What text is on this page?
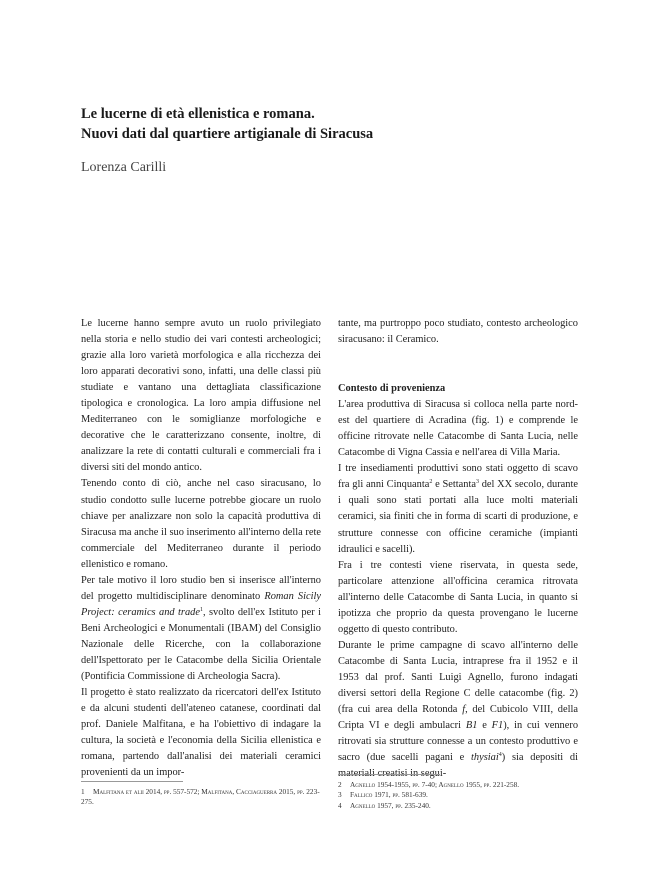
Le lucerne di età ellenistica e romana.
Nuovi dati dal quartiere artigianale di Siracusa
Lorenza Carilli

Le lucerne hanno sempre avuto un ruolo privilegiato nella storia e nello studio dei vari contesti archeologici; grazie alla loro varietà morfologica e alla ricchezza dei loro apparati decorativi sono, infatti, una delle classi più studiate e vantano una dettagliata classificazione tipologica e cronologica. La loro ampia diffusione nel Mediterraneo con le somiglianze morfologiche e decorative che le caratterizzano consente, inoltre, di analizzare la rete di contatti culturali e commerciali fra i diversi siti del mondo antico.

Tenendo conto di ciò, anche nel caso siracusano, lo studio condotto sulle lucerne potrebbe giocare un ruolo chiave per analizzare non solo la capacità produttiva di Siracusa ma anche il suo inserimento all'interno della rete commerciale del Mediterraneo durante il periodo ellenistico e romano.

Per tale motivo il loro studio ben si inserisce all'interno del progetto multidisciplinare denominato Roman Sicily Project: ceramics and trade$^1$, svolto dell'ex Istituto per i Beni Archeologici e Monumentali (IBAM) del Consiglio Nazionale delle Ricerche, con la collaborazione dell'Ispettorato per le Catacombe della Sicilia Orientale (Pontificia Commissione di Archeologia Sacra).

Il progetto è stato realizzato da ricercatori dell'ex Istituto e da alcuni studenti dell'ateneo catanese, coordinati dal prof. Daniele Malfitana, e ha l'obiettivo di indagare la cultura, la società e l'economia della Sicilia ellenistica e romana, partendo dall'analisi dei materiali ceramici provenienti da un impor-

tante, ma purtroppo poco studiato, contesto archeologico siracusano: il Ceramico.

Contesto di provenienza

L'area produttiva di Siracusa si colloca nella parte nord-est del quartiere di Acradina (fig. 1) e comprende le officine ritrovate nelle Catacombe di Santa Lucia, nelle Catacombe di Vigna Cassia e nell'area di Villa Maria.

I tre insediamenti produttivi sono stati oggetto di scavo fra gli anni Cinquanta$^2$ e Settanta$^3$ del XX secolo, durante i quali sono stati portati alla luce molti materiali ceramici, sia finiti che in forma di scarti di produzione, e strutture connesse con officine ceramiche (impianti idraulici e sacelli).

Fra i tre contesti viene riservata, in questa sede, particolare attenzione all'officina ceramica ritrovata all'interno delle Catacombe di Santa Lucia, in quanto si ipotizza che proprio da questa provengano le lucerne oggetto di questo contributo.

Durante le prime campagne di scavo all'interno delle Catacombe di Santa Lucia, intraprese fra il 1952 e il 1953 dal prof. Santi Luigi Agnello, furono indagati diversi settori della Regione C delle catacombe (fig. 2) (fra cui area della Rotonda f, del Cubicolo VIII, della Cripta VI e degli ambulacri B1 e F1), in cui vennero ritrovati sia strutture connesse a un contesto produttivo e sacro (due sacelli pagani e thysiai$^4$) sia depositi di materiali creatisi in segui-

1 Malfitana et alii 2014, pp. 557-572; Malfitana, Cacciaguerra 2015, pp. 223-275.
2 Agnello 1954-1955, pp. 7-40; Agnello 1955, pp. 221-258.
3 Fallico 1971, pp. 581-639.
4 Agnello 1957, pp. 235-240.
